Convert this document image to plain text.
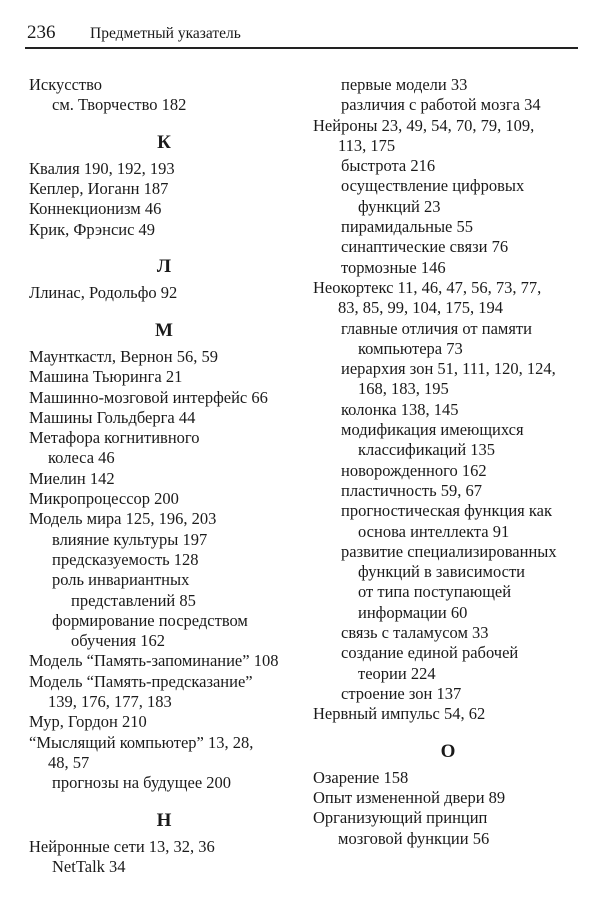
236 Предметный указатель
Искусство
см. Творчество 182
К
Квалия 190, 192, 193
Кеплер, Иоганн 187
Коннекционизм 46
Крик, Фрэнсис 49
Л
Ллинас, Родольфо 92
М
Маунткастл, Вернон 56, 59
Машина Тьюринга 21
Машинно-мозговой интерфейс 66
Машины Гольдберга 44
Метафора когнитивного
колеса 46
Миелин 142
Микропроцессор 200
Модель мира 125, 196, 203
влияние культуры 197
предсказуемость 128
роль инвариантных
представлений 85
формирование посредством
обучения 162
Модель “Память-запоминание” 108
Модель “Память-предсказание”
139, 176, 177, 183
Мур, Гордон 210
“Мыслящий компьютер” 13, 28,
48, 57
прогнозы на будущее 200
Н
Нейронные сети 13, 32, 36
NetTalk 34
первые модели 33
различия с работой мозга 34
Нейроны 23, 49, 54, 70, 79, 109,
113, 175
быстрота 216
осуществление цифровых
функций 23
пирамидальные 55
синаптические связи 76
тормозные 146
Неокортекс 11, 46, 47, 56, 73, 77,
83, 85, 99, 104, 175, 194
главные отличия от памяти
компьютера 73
иерархия зон 51, 111, 120, 124,
168, 183, 195
колонка 138, 145
модификация имеющихся
классификаций 135
новорожденного 162
пластичность 59, 67
прогностическая функция как
основа интеллекта 91
развитие специализированных
функций в зависимости
от типа поступающей
информации 60
связь с таламусом 33
создание единой рабочей
теории 224
строение зон 137
Нервный импульс 54, 62
О
Озарение 158
Опыт измененной двери 89
Организующий принцип
мозговой функции 56
